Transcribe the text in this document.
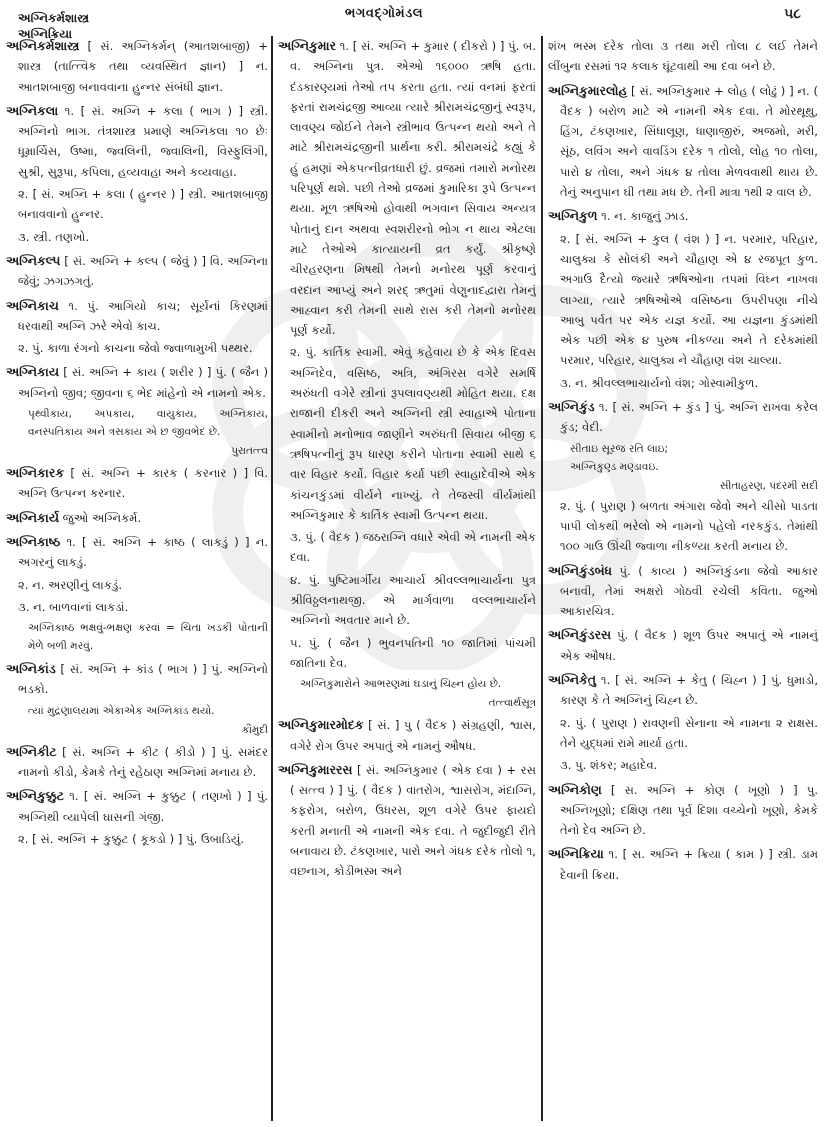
અગ્નિકર્મશાસ્ત્ર
અગ્નિક્રિયા
ભગવદ્ગોમંડલ	૫૮

અગ્નિકર્મશાસ્ત્ર [ સં. અગ્નિકર્મન્ (આતશબાજી) + શાસ્ત્ર (તાત્ત્વિક તથા વ્યવસ્થિત જ્ઞાન) ] ન. આતશબાજી બનાવવાના હુન્નર સંબંધી જ્ઞાન.

અગ્નિકલા ૧. [ સં. અગ્નિ + કલા ( ભાગ ) ] સ્ત્રી. અગ્નિનો ભાગ. તંત્રશાસ્ત્ર પ્રમાણે અગ્નિકલા ૧૦ છેઃ ધૂમ્રાર્ચિસ, ઉષ્મા, જ્વલિની, જ્વાલિની, વિસ્ફુલિંગી, સુશ્રી, સુરૂપા, કપિલા, હવ્યવાહા અને કવ્યવાહા.

૨. [ સં. અગ્નિ + કલા ( હુન્નર ) ] સ્ત્રી. આતશબાજી બનાવવાનો હુન્નર.

૩. સ્ત્રી. તણખો.

અગ્નિકલ્પ [ સં. અગ્નિ + કલ્પ ( જેવું ) ] વિ. અગ્નિના જેવું; ઝગઝગતું.

અગ્નિકાચ ૧. પું. આગિયો કાચ; સૂર્યનાં કિરણમાં ધરવાથી અગ્નિ ઝરે એવો કાચ.

૨. પું. કાળા રંગનો કાચના જેવો જ્વાળામુખી પથ્થર.

અગ્નિકાય [ સં. અગ્નિ + કાય ( શરીર ) ] પું. ( જૈન ) અગ્નિનો જીવ; જીવના ૬ ભેદ માંહેનો એ નામનો એક.

પૃથ્વીકાય, અપકાય, વાયુકાય, અગ્નિકાય, વનસ્પતિકાય અને ત્રસકાય એ છ જીવભેદ છે.
પુરાતત્ત્વ

અગ્નિકારક [ સં. અગ્નિ + કારક ( કરનાર ) ] વિ. અગ્નિ ઉત્પન્ન કરનાર.

અગ્નિકાર્ય જુઓ અગ્નિકર્મ.

અગ્નિકાષ્ઠ ૧. [ સં. અગ્નિ + કાષ્ઠ ( લાકડું ) ] ન. અગરનું લાકડું.

૨. ન. અરણીનું લાકડું.

૩. ન. બાળવાનાં લાકડાં.

અગ્નિકાષ્ઠ ભક્ષવું-ભક્ષણ કરવાં = ચિતા ખડકી પોતાની મેળે બળી મરવું.

અગ્નિકાંડ [ સં. અગ્નિ + કાંડ ( ભાગ ) ] પું. અગ્નિનો ભડકો.

ત્યાં મુદ્રણાલયમાં એકાએક અગ્નિકાંડ થયો.
કૌમુદી

અગ્નિકીટ [ સં. અગ્નિ + કીટ ( કીડો ) ] પું. સમંદર નામનો કીડો, કેમકે તેનું રહેઠાણ અગ્નિમાં મનાય છે.

અગ્નિકુક્કુટ ૧. [ સં. અગ્નિ + કુક્કુટ ( તણખો ) ] પું. અગ્નિથી વ્યાપેલી ઘાસની ગંજી.

૨. [ સં. અગ્નિ + કુક્કુટ ( કૂકડો ) ] પું. ઉબાડિયું.

અગ્નિકુમાર ૧. [ સં. અગ્નિ + કુમાર ( દીકરો ) ] પું. બ. વ. અગ્નિના પુત્ર. એઓ ૧૬૦૦૦ ઋષિ હતા. દંડકારણ્યમાં તેઓ તપ કરતા હતા. ત્યાં વનમાં ફરતાં ફરતાં રામચંદ્રજી આવ્યા ત્યારે શ્રીરામચંદ્રજીનું સ્વરૂપ, લાવણ્ય જોઈને તેમને સ્ત્રીભાવ ઉત્પન્ન થયો અને તે માટે શ્રીરામચંદ્રજીની પ્રાર્થના કરી. શ્રીરામચંદ્રે કહ્યું કે હું હમણાં એકપત્નીવ્રતધારી છું. વ્રજમાં તમારો મનોરથ પરિપૂર્ણ થશે. પછી તેઓ વ્રજમાં કુમારિકા રૂપે ઉત્પન્ન થયા. મૂળ ઋષિઓ હોવાથી ભગવાન સિવાય અન્યત્ર પોતાનું દાન અથવા સ્વશરીરનો ભોગ ન થાય એટલા માટે તેઓએ કાત્યાયની વ્રત કર્યું. શ્રીકૃષ્ણે ચીરહરણના મિષથી તેમનો મનોરથ પૂર્ણ કરવાનું વરદાન આપ્યું અને શરદ્ ઋતુમાં વેણુનાદદ્વારા તેમનું આહ્વાન કરી તેમની સાથે રાસ કરી તેમનો મનોરથ પૂર્ણ કર્યો.

૨. પું. કાર્તિક સ્વામી. એવું કહેવાય છે કે એક દિવસ અગ્નિદેવ, વસિષ્ઠ, અત્રિ, અંગિરસ વગેરે સમર્ષિ અરુંધતી વગેરે સ્ત્રીનાં રૂપલાવણ્યથી મોહિત થયા. દક્ષ રાજાની દીકરી અને અગ્નિની સ્ત્રી સ્વાહાએ પોતાના સ્વામીનો મનોભાવ જાણીને અરુંધતી સિવાય બીજી ૬ ઋષિપત્નીનું રૂપ ધારણ કરીને પોતાના સ્વામી સાથે ૬ વાર વિહાર કર્યો. વિહાર કર્યા પછી સ્વાહાદેવીએ એક કાંચનકુંડમાં વીર્યને નાખ્યું. તે તેજસ્વી વીર્યમાંથી અગ્નિકુમાર કે કાર્તિક સ્વામી ઉત્પન્ન થયા.

૩. પું. ( વૈદક ) જઠરાગ્નિ વધારે એવી એ નામની એક દવા.

૪. પું. પુષ્ટિમાર્ગીય આચાર્ય શ્રીવલ્લભાચાર્યના પુત્ર શ્રીવિઠ્ઠલનાથજી. એ માર્ગવાળા વલ્લભાચાર્યને અગ્નિનો અવતાર માને છે.

૫. પું. ( જૈન ) ભુવનપતિની ૧૦ જાતિમાં પાંચમી જાતિના દેવ.

અગ્નિકુમારોને આભરણમાં ઘડાનું ચિહ્ન હોય છે.
તત્ત્વાર્થસૂત્ર

અગ્નિકુમારમોદક [ સં. ] પુ ( વૈદક ) સંગ્રહણી, શ્વાસ, વગેરે રોગ ઉપર અપાતું એ નામનું ઔષધ.

અગ્નિકુમારરસ [ સં. અગ્નિકુમાર ( એક દવા ) + રસ ( સત્ત્વ ) ] પું. ( વૈદક ) વાતરોગ, શ્વાસરોગ, મંદાગ્નિ, કફરોગ, બરોળ, ઉધરસ, શૂળ વગેરે ઉપર ફાયદો કરતી મનાતી એ નામની એક દવા. તે જુદીજુદી રીતે બનાવાય છે. ટંકણખાર, પારો અને ગંધક દરેક તોલો ૧, વછનાગ, કોડીભસ્મ અને

શંખ ભસ્મ દરેક તોલા ૩ તથા મરી તોલા ૮ લઈ તેમને લીંબુના રસમાં ૧૨ કલાક ઘૂંટવાથી આ દવા બને છે.

અગ્નિકુમારલોહ [ સં. અગ્નિકુમાર + લોહ ( લોઢું ) ] ન. ( વૈદક ) બરોળ માટે એ નામની એક દવા. તે મોરથૂથુ, હિંગ, ટંકણખાર, સિંધાલૂણ, ધાણાજીરું, અજમો, મરી, સૂંઠ, લવિંગ અને વાવડિંગ દરેક ૧ તોલો, લોહ ૧૦ તોલા, પારો ૪ તોલા, અને ગંધક ૪ તોલા મેળવવાથી થાય છે. તેનું અનુપાન ઘી તથા મધ છે. તેની માત્રા ૧થી ૨ વાલ છે.

અગ્નિકુળ ૧. ન. કાજુનું ઝાડ.

૨. [ સં. અગ્નિ + કુલ ( વંશ ) ] ન. પરમાર, પરિહાર, ચાલુક્ય કે સોલંકી અને ચૌહાણ એ ૪ રજપૂત કુળ. અગાઉ દૈત્યો જ્યારે ઋષિઓના તપમાં વિઘ્ન નાખવા લાગ્યા, ત્યારે ઋષિઓએ વસિષ્ઠના ઉપરીપણા નીચે આબુ પર્વત પર એક યજ્ઞ કર્યો. આ યજ્ઞના કુંડમાંથી એક પછી એક ૪ પુરુષ નીકળ્યા અને તે દરેકમાંથી પરમાર, પરિહાર, ચાલુક્ય ને ચૌહાણ વંશ ચાલ્યા.

૩. ન. શ્રીવલ્લભાચાર્યનો વંશ; ગોસ્વામીકુળ.

અગ્નિકુંડ ૧. [ સં. અગ્નિ + કુંડ ] પું. અગ્નિ રાખવા કરેલ કુંડ; વેદી.

સીતાઇ સૂરજ રતિ લાઇ;
અગ્નિકુણ્ડ મણ્ડાવઇ.
સીતાહરણ, પંદરમી સદી

૨. પું. ( પુરાણ ) બળતા અંગારા જેવો અને ચીસો પાડતા પાપી લોકથી ભરેલો એ નામનો પહેલો નરકકુંડ. તેમાંથી ૧૦૦ ગાઉ ઊંચી જ્વાળા નીકળ્યા કરતી મનાય છે.

અગ્નિકુંડબંધ પું. ( કાવ્ય ) અગ્નિકુંડના જેવો આકાર બનાવી, તેમાં અક્ષરો ગોઠવી રચેલી કવિતા. જુઓ આકારચિત્ર.

અગ્નિકુંડરસ પું. ( વૈદક ) શૂળ ઉપર અપાતું એ નામનું એક ઔષધ.

અગ્નિકેતુ ૧. [ સં. અગ્નિ + કેતુ ( ચિહ્ન ) ] પું. ધુમાડો, કારણ કે તે અગ્નિનું ચિહ્ન છે.

૨. પું. ( પુરાણ ) રાવણની સેનાના એ નામના ૨ રાક્ષસ. તેને યુદ્ધમાં રામે માર્યા હતા.

૩. પુ. શંકર; મહાદેવ.

અગ્નિકોણ [ સ. અગ્નિ + કોણ ( ખૂણો ) ] પુ. અગ્નિખૂણો; દક્ષિણ તથા પૂર્વ દિશા વચ્ચેનો ખૂણો, કેમકે તેનો દેવ અગ્નિ છે.

અગ્નિક્રિયા ૧. [ સ. અગ્નિ + ક્રિયા ( કામ ) ] સ્ત્રી. ડામ દેવાની ક્રિયા.
